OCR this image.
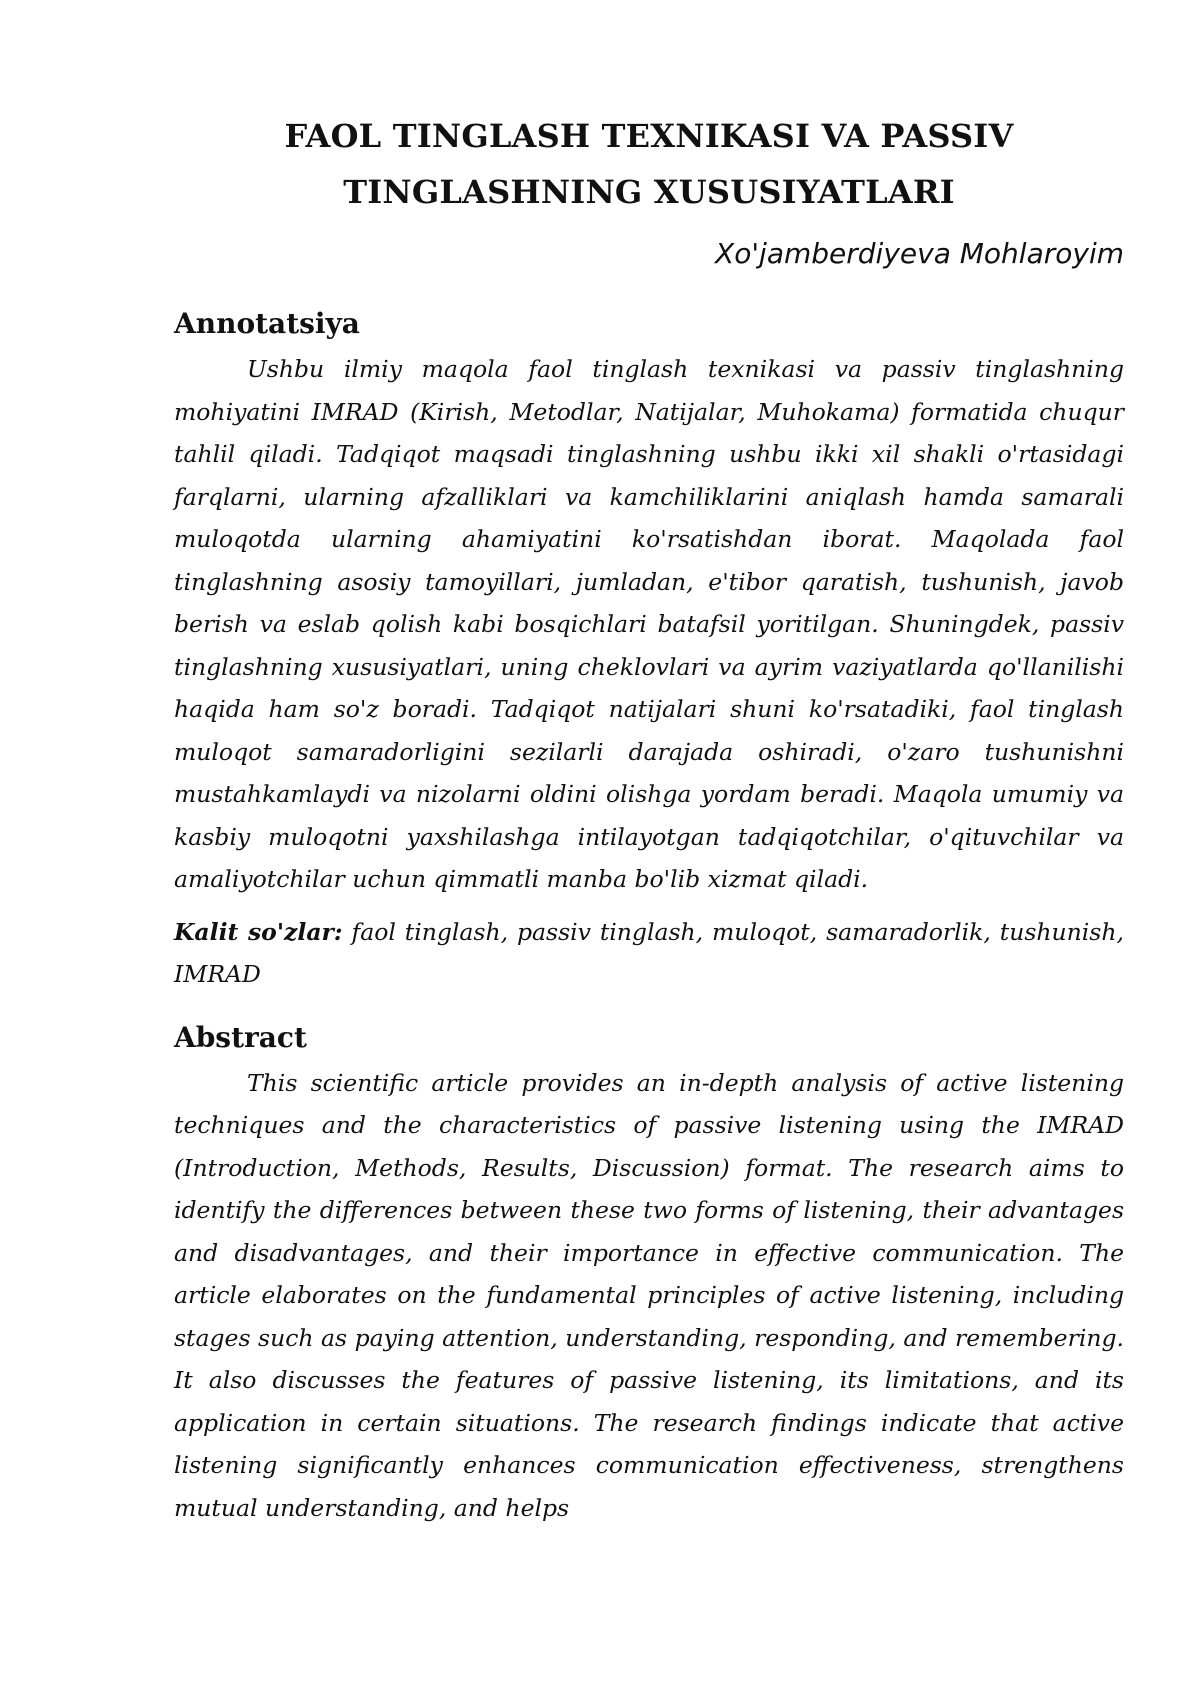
FAOL TINGLASH TEXNIKASI VA PASSIV
TINGLASHNING XUSUSIYATLARI
Xo'jamberdiyeva Mohlaroyim
Annotatsiya

Ushbu ilmiy maqola faol tinglash texnikasi va passiv tinglashning mohiyatini IMRAD (Kirish, Metodlar, Natijalar, Muhokama) formatida chuqur tahlil qiladi. Tadqiqot maqsadi tinglashning ushbu ikki xil shakli o'rtasidagi farqlarni, ularning afzalliklari va kamchiliklarini aniqlash hamda samarali muloqotda ularning ahamiyatini ko'rsatishdan iborat. Maqolada faol tinglashning asosiy tamoyillari, jumladan, e'tibor qaratish, tushunish, javob berish va eslab qolish kabi bosqichlari batafsil yoritilgan. Shuningdek, passiv tinglashning xususiyatlari, uning cheklovlari va ayrim vaziyatlarda qo'llanilishi haqida ham so'z boradi. Tadqiqot natijalari shuni ko'rsatadiki, faol tinglash muloqot samaradorligini sezilarli darajada oshiradi, o'zaro tushunishni mustahkamlaydi va nizolarni oldini olishga yordam beradi. Maqola umumiy va kasbiy muloqotni yaxshilashga intilayotgan tadqiqotchilar, o'qituvchilar va amaliyotchilar uchun qimmatli manba bo'lib xizmat qiladi.

Kalit so'zlar: faol tinglash, passiv tinglash, muloqot, samaradorlik, tushunish, IMRAD

Abstract

This scientific article provides an in-depth analysis of active listening techniques and the characteristics of passive listening using the IMRAD (Introduction, Methods, Results, Discussion) format. The research aims to identify the differences between these two forms of listening, their advantages and disadvantages, and their importance in effective communication. The article elaborates on the fundamental principles of active listening, including stages such as paying attention, understanding, responding, and remembering. It also discusses the features of passive listening, its limitations, and its application in certain situations. The research findings indicate that active listening significantly enhances communication effectiveness, strengthens mutual understanding, and helps
